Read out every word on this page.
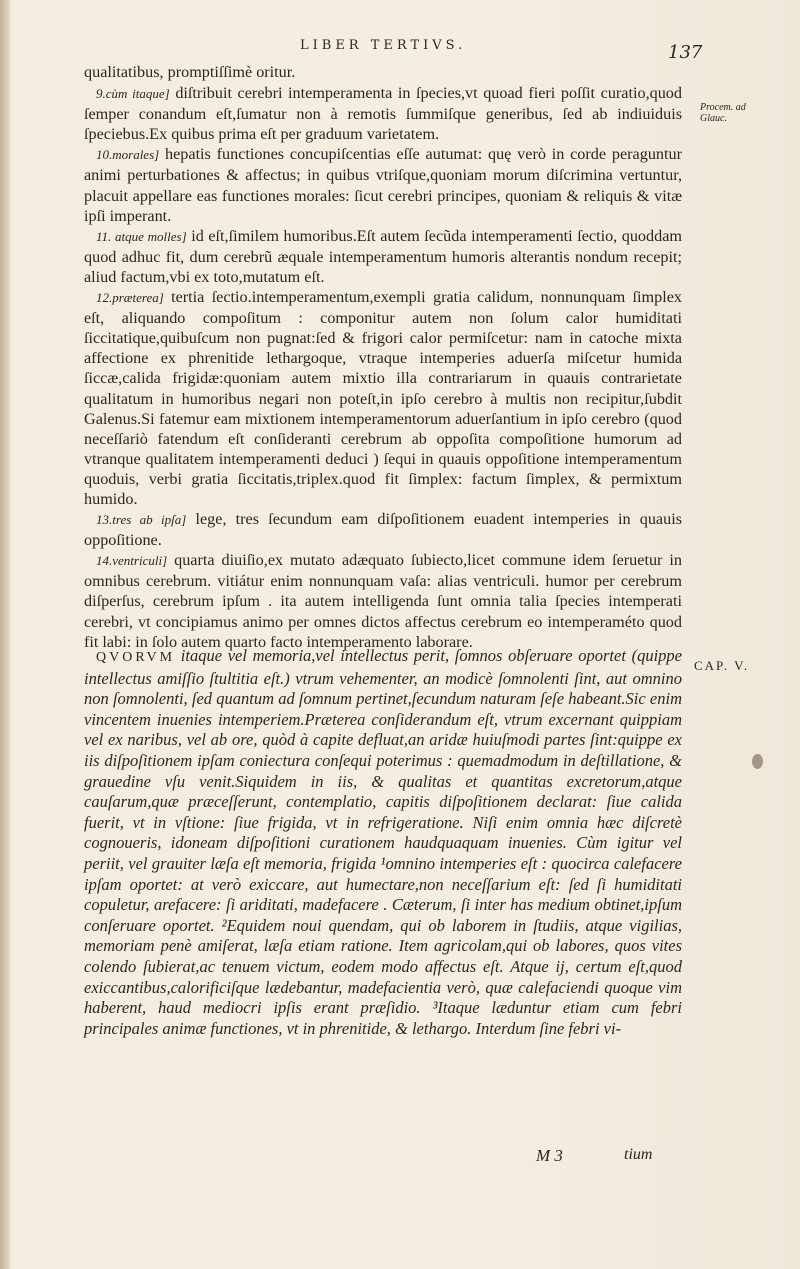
LIBER TERTIVS.	137

qualitatibus, promptiſſimè oritur.

9.cùm itaque] diſtribuit cerebri intemperamenta in ſpecies,vt quoad fieri poſſit curatio,quod ſemper conandum eſt,ſumatur non à remotis ſummiſque generibus, ſed ab indiuiduis ſpeciebus.Ex quibus prima eſt per graduum varietatem.

10.morales] hepatis functiones concupiſcentias eſſe autumat: quę verò in corde peraguntur animi perturbationes & affectus; in quibus vtriſque,quoniam morum diſcrimina vertuntur, placuit appellare eas functiones morales: ſicut cerebri principes, quoniam & reliquis & vitæ ipſi imperant.

11. atque molles] id eſt,ſimilem humoribus.Eſt autem ſecũda intemperamenti ſectio, quoddam quod adhuc fit, dum cerebrũ æquale intemperamentum humoris alterantis nondum recepit; aliud factum,vbi ex toto,mutatum eſt.

12.præterea] tertia ſectio.intemperamentum,exempli gratia calidum, nonnunquam ſimplex eſt, aliquando compoſitum : componitur autem non ſolum calor humiditati ſiccitatique,quibuſcum non pugnat:ſed & frigori calor permiſcetur: nam in catoche mixta affectione ex phrenitide lethargoque, vtraque intemperies aduerſa miſcetur humida ſiccæ,calida frigidæ:quoniam autem mixtio illa contrariarum in quauis contrarietate qualitatum in humoribus negari non poteſt,in ipſo cerebro à multis non recipitur,ſubdit Galenus.Si fatemur eam mixtionem intemperamentorum aduerſantium in ipſo cerebro (quod neceſſariò fatendum eſt conſideranti cerebrum ab oppoſita compoſitione humorum ad vtranque qualitatem intemperamenti deduci ) ſequi in quauis oppoſitione intemperamentum quoduis, verbi gratia ſiccitatis,triplex.quod fit ſimplex: factum ſimplex, & permixtum humido.

13.tres ab ipſa] lege, tres ſecundum eam diſpoſitionem euadent intemperies in quauis oppoſitione.

14.ventriculi] quarta diuiſio,ex mutato adæquato ſubiecto,licet commune idem ſeruetur in omnibus cerebrum. vitiátur enim nonnunquam vaſa: alias ventriculi. humor per cerebrum diſperſus, cerebrum ipſum . ita autem intelligenda ſunt omnia talia ſpecies intemperati cerebri, vt concipiamus animo per omnes dictos affectus cerebrum eo intemperaméto quod fit labi: in ſolo autem quarto facto intemperamento laborare.

Procem. ad Glauc.
CAP. V.

QVORVM itaque vel memoria,vel intellectus perit, ſomnos obſeruare oportet (quippe intellectus amiſſio ſtultitia eſt.) vtrum vehementer, an modicè ſomnolenti ſint, aut omnino non ſomnolenti, ſed quantum ad ſomnum pertinet,ſecundum naturam ſeſe habeant.Sic enim vincentem inuenies intemperiem.Præterea conſiderandum eſt, vtrum excernant quippiam vel ex naribus, vel ab ore, quòd à capite defluat,an aridæ huiuſmodi partes ſint:quippe ex iis diſpoſitionem ipſam coniectura conſequi poterimus : quemadmodum in deſtillatione, & grauedine vſu venit.Siquidem in iis, & qualitas et quantitas excretorum,atque cauſarum,quæ præceſſerunt, contemplatio, capitis diſpoſitionem declarat: ſiue calida fuerit, vt in vſtione: ſiue frigida, vt in refrigeratione. Niſi enim omnia hæc diſcretè cognoueris, idoneam diſpoſitioni curationem haudquaquam inuenies. Cùm igitur vel periit, vel grauiter læſa eſt memoria, frigida ¹omnino intemperies eſt : quocirca calefacere ipſam oportet: at verò exiccare, aut humectare,non neceſſarium eſt: ſed ſi humiditati copuletur, arefacere: ſi ariditati, madefacere . Cæterum, ſi inter has medium obtinet,ipſum conſeruare oportet. ²Equidem noui quendam, qui ob laborem in ſtudiis, atque vigilias, memoriam penè amiſerat, læſa etiam ratione. Item agricolam,qui ob labores, quos vites colendo ſubierat,ac tenuem victum, eodem modo affectus eſt. Atque ij, certum eſt,quod exiccantibus,calorificiſque lædebantur, madefacientia verò, quæ calefaciendi quoque vim haberent, haud mediocri ipſis erant præſidio. ³Itaque læduntur etiam cum febri principales animæ functiones, vt in phrenitide, & lethargo. Interdum ſine febri vi-

M 3	tium
